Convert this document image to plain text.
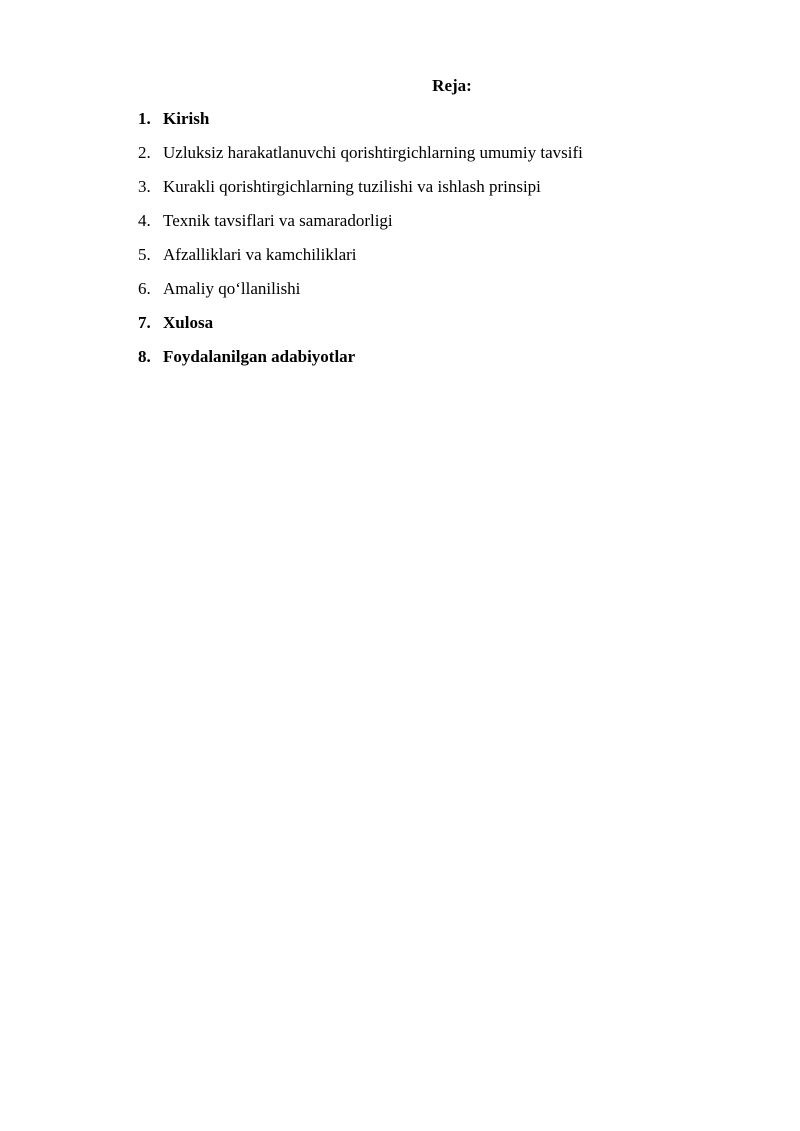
Reja:
1. Kirish
2. Uzluksiz harakatlanuvchi qorishtirgichlarning umumiy tavsifi
3. Kurakli qorishtirgichlarning tuzilishi va ishlash prinsipi
4. Texnik tavsiflari va samaradorligi
5. Afzalliklari va kamchiliklari
6. Amaliy qo‘llanilishi
7. Xulosa
8. Foydalanilgan adabiyotlar
